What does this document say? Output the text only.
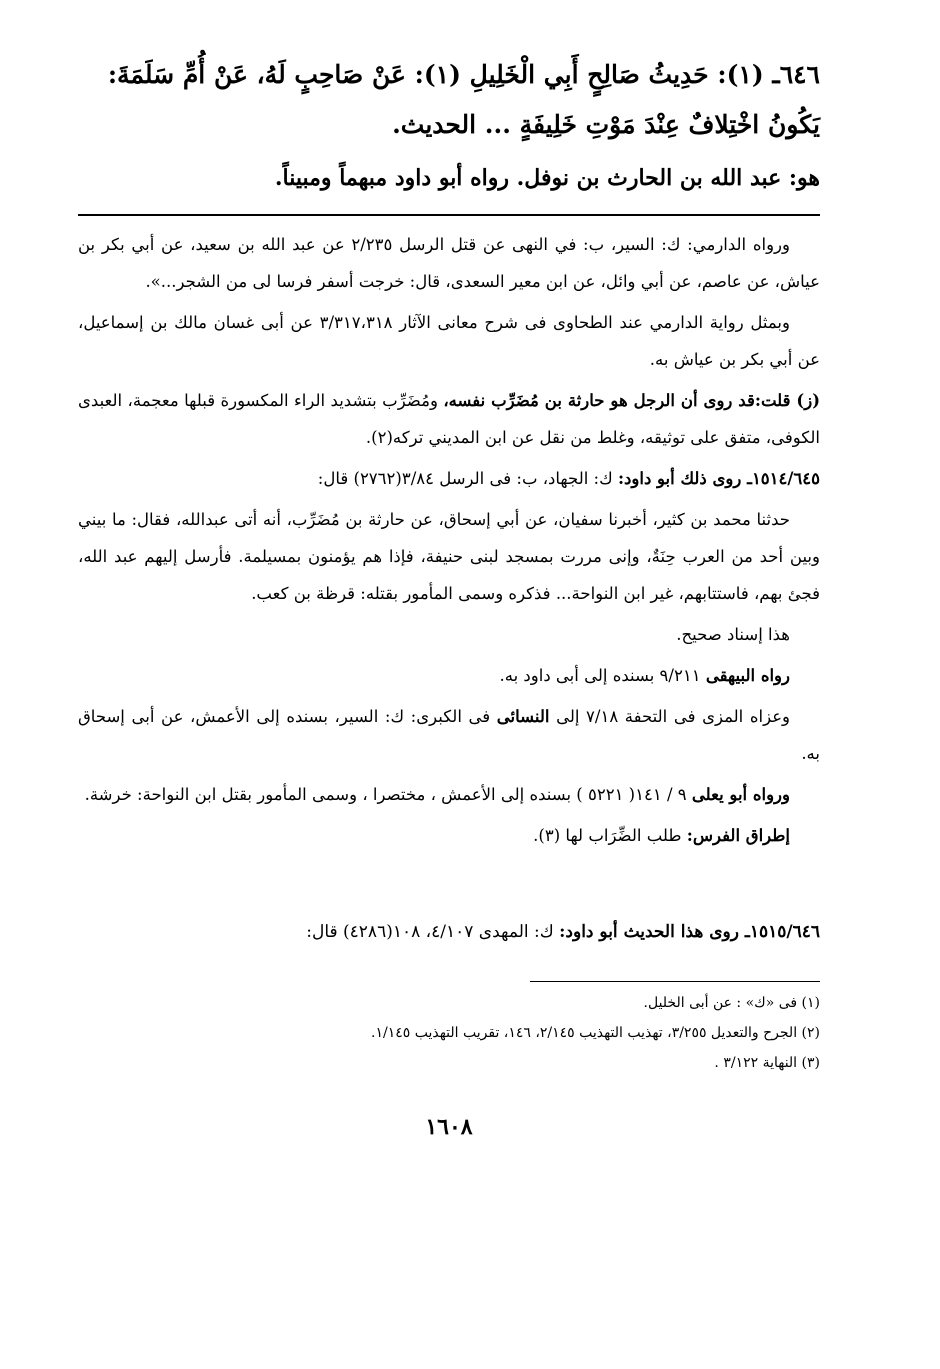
٦٤٦ـ (١): حَدِيثُ صَالِحٍ أَبِي الْخَلِيلِ (١): عَنْ صَاحِبٍ لَهُ، عَنْ أُمِّ سَلَمَةَ: يَكُونُ اخْتِلافٌ عِنْدَ مَوْتِ خَلِيفَةٍ ... الحديث.

هو: عبد الله بن الحارث بن نوفل. رواه أبو داود مبهماً ومبيناً.

ورواه الدارمي: ك: السير، ب: في النهى عن قتل الرسل ٢/٢٣٥ عن عبد الله بن سعيد، عن أبي بكر بن عياش، عن عاصم، عن أبي وائل، عن ابن معير السعدى، قال: خرجت أسفر فرسا لى من الشجر...».

وبمثل رواية الدارمي عند الطحاوى فى شرح معانى الآثار ٣/٣١٧،٣١٨ عن أبى غسان مالك بن إسماعيل، عن أبي بكر بن عياش به.

(ز) قلت:قد روى أن الرجل هو حارثة بن مُضَرِّب نفسه، ومُضَرِّب بتشديد الراء المكسورة قبلها معجمة، العبدى الكوفى، متفق على توثيقه، وغلط من نقل عن ابن المديني تركه(٢).

١٥١٤/٦٤٥ـ روى ذلك أبو داود: ك: الجهاد، ب: فى الرسل ٣/٨٤(٢٧٦٢) قال:

حدثنا محمد بن كثير، أخبرنا سفيان، عن أبي إسحاق، عن حارثة بن مُضَرِّب، أنه أتى عبدالله، فقال: ما بيني وبين أحد من العرب حِنَةٌ، وإنى مررت بمسجد لبنى حنيفة، فإذا هم يؤمنون بمسيلمة. فأرسل إليهم عبد الله، فجئ بهم، فاستتابهم، غير ابن النواحة... فذكره وسمى المأمور بقتله: قرظة بن كعب.

هذا إسناد صحيح.

رواه البيهقى ٩/٢١١ بسنده إلى أبى داود به.

وعزاه المزى فى التحفة ٧/١٨ إلى النسائى فى الكبرى: ك: السير، بسنده إلى الأعمش، عن أبى إسحاق به.

ورواه أبو يعلى ٩ / ١٤١( ٥٢٢١ ) بسنده إلى الأعمش ، مختصرا ، وسمى المأمور بقتل ابن النواحة: خرشة.

إطراق الفرس: طلب الضِّرَاب لها (٣).

١٥١٥/٦٤٦ـ روى هذا الحديث أبو داود: ك: المهدى ٤/١٠٧، ١٠٨(٤٢٨٦) قال:

(١) فى «ك» : عن أبى الخليل.

(٢) الجرح والتعديل ٣/٢٥٥، تهذيب التهذيب ٢/١٤٥، ١٤٦، تقريب التهذيب ١/١٤٥.

(٣) النهاية ٣/١٢٢ .

١٦٠٨
